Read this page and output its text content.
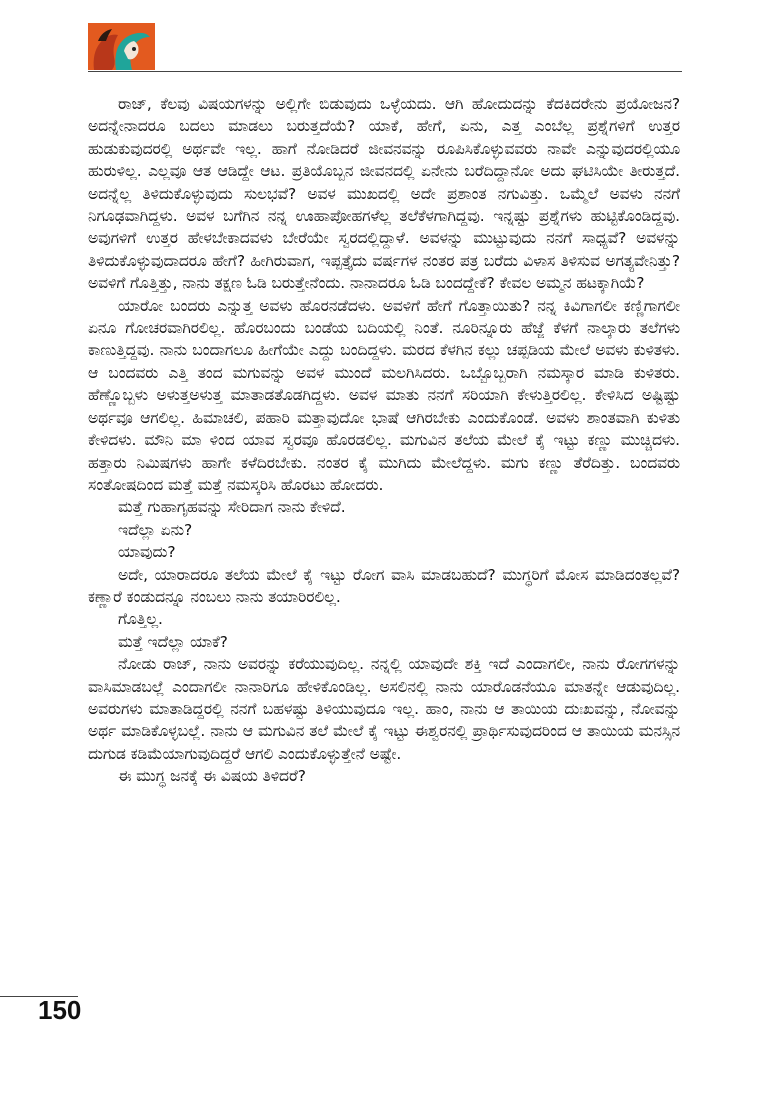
ರಾಜ್, ಕೆಲವು ವಿಷಯಗಳನ್ನು ಅಲ್ಲಿಗೇ ಬಿಡುವುದು ಒಳ್ಳೆಯದು. ಆಗಿ ಹೋದುದನ್ನು ಕೆದಕಿದರೇನು ಪ್ರಯೋಜನ? ಅದನ್ನೇನಾದರೂ ಬದಲು ಮಾಡಲು ಬರುತ್ತದೆಯೆ? ಯಾಕೆ, ಹೇಗೆ, ಏನು, ಎತ್ತ ಎಂಬೆಲ್ಲ ಪ್ರಶ್ನೆಗಳಿಗೆ ಉತ್ತರ ಹುಡುಕುವುದರಲ್ಲಿ ಅರ್ಥವೇ ಇಲ್ಲ. ಹಾಗೆ ನೋಡಿದರೆ ಜೀವನವನ್ನು ರೂಪಿಸಿಕೊಳ್ಳುವವರು ನಾವೇ ಎನ್ನುವುದರಲ್ಲಿಯೂ ಹುರುಳಿಲ್ಲ. ಎಲ್ಲವೂ ಆತ ಆಡಿದ್ದೇ ಆಟ. ಪ್ರತಿಯೊಬ್ಬನ ಜೀವನದಲ್ಲಿ ಏನೇನು ಬರೆದಿದ್ದಾನೋ ಅದು ಘಟಿಸಿಯೇ ತೀರುತ್ತದೆ. ಅದನ್ನೆಲ್ಲ ತಿಳಿದುಕೊಳ್ಳುವುದು ಸುಲಭವೆ? ಅವಳ ಮುಖದಲ್ಲಿ ಅದೇ ಪ್ರಶಾಂತ ನಗುವಿತ್ತು. ಒಮ್ಮೆಲೆ ಅವಳು ನನಗೆ ನಿಗೂಢವಾಗಿದ್ದಳು. ಅವಳ ಬಗೆಗಿನ ನನ್ನ ಊಹಾಪೋಹಗಳೆಲ್ಲ ತಲೆಕೆಳಗಾಗಿದ್ದವು. ಇನ್ನಷ್ಟು ಪ್ರಶ್ನೆಗಳು ಹುಟ್ಟಿಕೊಂಡಿದ್ದವು. ಅವುಗಳಿಗೆ ಉತ್ತರ ಹೇಳಬೇಕಾದವಳು ಬೇರೆಯೇ ಸ್ವರದಲ್ಲಿದ್ದಾಳೆ. ಅವಳನ್ನು ಮುಟ್ಟುವುದು ನನಗೆ ಸಾಧ್ಯವೆ? ಅವಳನ್ನು ತಿಳಿದುಕೊಳ್ಳುವುದಾದರೂ ಹೇಗೆ? ಹೀಗಿರುವಾಗ, ಇಪ್ಪತ್ತೈದು ವರ್ಷಗಳ ನಂತರ ಪತ್ರ ಬರೆದು ವಿಳಾಸ ತಿಳಿಸುವ ಅಗತ್ಯವೇನಿತ್ತು? ಅವಳಿಗೆ ಗೊತ್ತಿತ್ತು, ನಾನು ತಕ್ಷಣ ಓಡಿ ಬರುತ್ತೇನೆಂದು. ನಾನಾದರೂ ಓಡಿ ಬಂದದ್ದೇಕೆ? ಕೇವಲ ಅಮ್ಮನ ಹಟಕ್ಕಾಗಿಯೆ?

ಯಾರೋ ಬಂದರು ಎನ್ನುತ್ತ ಅವಳು ಹೊರನಡೆದಳು. ಅವಳಿಗೆ ಹೇಗೆ ಗೊತ್ತಾಯಿತು? ನನ್ನ ಕಿವಿಗಾಗಲೀ ಕಣ್ಣಿಗಾಗಲೀ ಏನೂ ಗೋಚರವಾಗಿರಲಿಲ್ಲ. ಹೊರಬಂದು ಬಂಡೆಯ ಬದಿಯಲ್ಲಿ ನಿಂತೆ. ನೂರಿನ್ನೂರು ಹೆಜ್ಜೆ ಕೆಳಗೆ ನಾಲ್ಕಾರು ತಲೆಗಳು ಕಾಣುತ್ತಿದ್ದವು. ನಾನು ಬಂದಾಗಲೂ ಹೀಗೆಯೇ ಎದ್ದು ಬಂದಿದ್ದಳು. ಮರದ ಕೆಳಗಿನ ಕಲ್ಲು ಚಪ್ಪಡಿಯ ಮೇಲೆ ಅವಳು ಕುಳಿತಳು. ಆ ಬಂದವರು ಎತ್ತಿ ತಂದ ಮಗುವನ್ನು ಅವಳ ಮುಂದೆ ಮಲಗಿಸಿದರು. ಒಬ್ಬೊಬ್ಬರಾಗಿ ನಮಸ್ಕಾರ ಮಾಡಿ ಕುಳಿತರು. ಹೆಣ್ಣೊಬ್ಬಳು ಅಳುತ್ತಅಳುತ್ತ ಮಾತಾಡತೊಡಗಿದ್ದಳು. ಅವಳ ಮಾತು ನನಗೆ ಸರಿಯಾಗಿ ಕೇಳುತ್ತಿರಲಿಲ್ಲ. ಕೇಳಿಸಿದ ಅಷ್ಟಿಷ್ಟು ಅರ್ಥವೂ ಆಗಲಿಲ್ಲ. ಹಿಮಾಚಲಿ, ಪಹಾರಿ ಮತ್ತಾವುದೋ ಭಾಷೆ ಆಗಿರಬೇಕು ಎಂದುಕೊಂಡೆ. ಅವಳು ಶಾಂತವಾಗಿ ಕುಳಿತು ಕೇಳಿದಳು. ಮೌನಿ ಮಾ ಳಿಂದ ಯಾವ ಸ್ವರವೂ ಹೊರಡಲಿಲ್ಲ. ಮಗುವಿನ ತಲೆಯ ಮೇಲೆ ಕೈ ಇಟ್ಟು ಕಣ್ಣು ಮುಚ್ಚಿದಳು. ಹತ್ತಾರು ನಿಮಿಷಗಳು ಹಾಗೇ ಕಳೆದಿರಬೇಕು. ನಂತರ ಕೈ ಮುಗಿದು ಮೇಲೆದ್ದಳು. ಮಗು ಕಣ್ಣು ತೆರೆದಿತ್ತು. ಬಂದವರು ಸಂತೋಷದಿಂದ ಮತ್ತೆ ಮತ್ತೆ ನಮಸ್ಕರಿಸಿ ಹೊರಟು ಹೋದರು.

ಮತ್ತೆ ಗುಹಾಗೃಹವನ್ನು ಸೇರಿದಾಗ ನಾನು ಕೇಳಿದೆ.

ಇದೆಲ್ಲಾ ಏನು?

ಯಾವುದು?

ಅದೇ, ಯಾರಾದರೂ ತಲೆಯ ಮೇಲೆ ಕೈ ಇಟ್ಟು ರೋಗ ವಾಸಿ ಮಾಡಬಹುದೆ? ಮುಗ್ಧರಿಗೆ ಮೋಸ ಮಾಡಿದಂತಲ್ಲವೆ? ಕಣ್ಣಾರೆ ಕಂಡುದನ್ನೂ ನಂಬಲು ನಾನು ತಯಾರಿರಲಿಲ್ಲ.

ಗೊತ್ತಿಲ್ಲ.

ಮತ್ತೆ ಇದೆಲ್ಲಾ ಯಾಕೆ?

ನೋಡು ರಾಜ್, ನಾನು ಅವರನ್ನು ಕರೆಯುವುದಿಲ್ಲ. ನನ್ನಲ್ಲಿ ಯಾವುದೇ ಶಕ್ತಿ ಇದೆ ಎಂದಾಗಲೀ, ನಾನು ರೋಗಗಳನ್ನು ವಾಸಿಮಾಡಬಲ್ಲೆ ಎಂದಾಗಲೀ ನಾನಾರಿಗೂ ಹೇಳಿಕೊಂಡಿಲ್ಲ. ಅಸಲಿನಲ್ಲಿ ನಾನು ಯಾರೊಡನೆಯೂ ಮಾತನ್ನೇ ಆಡುವುದಿಲ್ಲ. ಅವರುಗಳು ಮಾತಾಡಿದ್ದರಲ್ಲಿ ನನಗೆ ಬಹಳಷ್ಟು ತಿಳಿಯುವುದೂ ಇಲ್ಲ. ಹಾಂ, ನಾನು ಆ ತಾಯಿಯ ದುಃಖವನ್ನು, ನೋವನ್ನು ಅರ್ಥ ಮಾಡಿಕೊಳ್ಳಬಲ್ಲೆ. ನಾನು ಆ ಮಗುವಿನ ತಲೆ ಮೇಲೆ ಕೈ ಇಟ್ಟು ಈಶ್ವರನಲ್ಲಿ ಪ್ರಾರ್ಥಿಸುವುದರಿಂದ ಆ ತಾಯಿಯ ಮನಸ್ಸಿನ ದುಗುಡ ಕಡಿಮೆಯಾಗುವುದಿದ್ದರೆ ಆಗಲಿ ಎಂದುಕೊಳ್ಳುತ್ತೇನೆ ಅಷ್ಟೇ.

ಈ ಮುಗ್ಧ ಜನಕ್ಕೆ ಈ ವಿಷಯ ತಿಳಿದರೆ?

150
